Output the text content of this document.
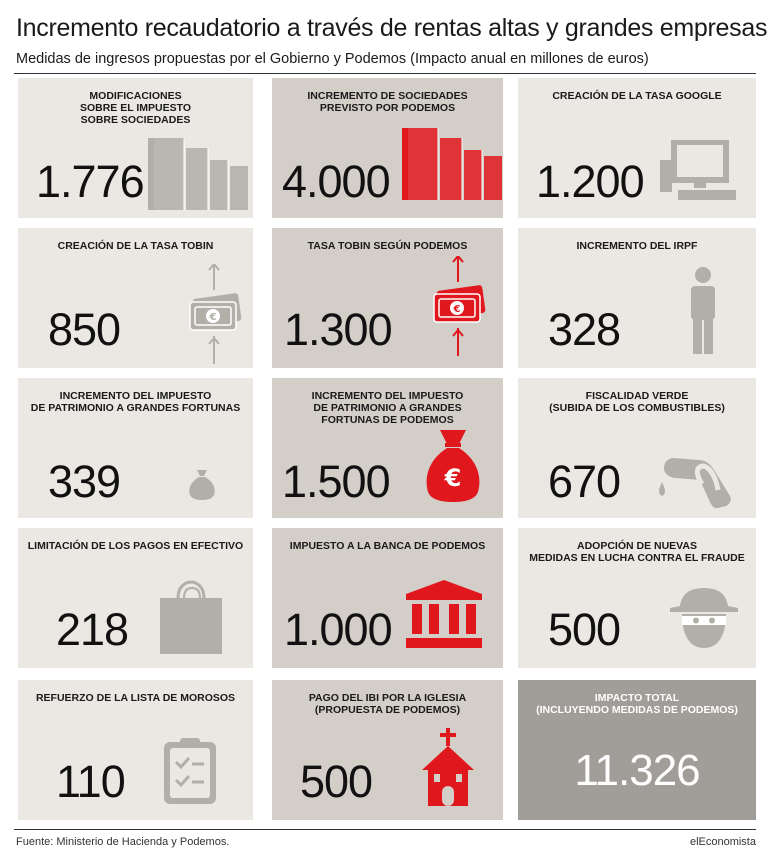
Incremento recaudatorio a través de rentas altas y grandes empresas
Medidas de ingresos propuestas por el Gobierno y Podemos (Impacto anual en millones de euros)
MODIFICACIONES
SOBRE EL IMPUESTO
SOBRE SOCIEDADES
1.776
INCREMENTO DE SOCIEDADES
PREVISTO POR PODEMOS
4.000
CREACIÓN DE LA TASA GOOGLE
1.200
CREACIÓN DE LA TASA TOBIN
850	€
TASA TOBIN SEGÚN PODEMOS
1.300	€
INCREMENTO DEL IRPF
328
INCREMENTO DEL IMPUESTO
DE PATRIMONIO A GRANDES FORTUNAS
339
INCREMENTO DEL IMPUESTO
DE PATRIMONIO A GRANDES
FORTUNAS DE PODEMOS
1.500 €
FISCALIDAD VERDE
(SUBIDA DE LOS COMBUSTIBLES)
670
LIMITACIÓN DE LOS PAGOS EN EFECTIVO
218
IMPUESTO A LA BANCA DE PODEMOS
1.000
ADOPCIÓN DE NUEVAS
MEDIDAS EN LUCHA CONTRA EL FRAUDE
500
REFUERZO DE LA LISTA DE MOROSOS
110
PAGO DEL IBI POR LA IGLESIA
(PROPUESTA DE PODEMOS)
500
IMPACTO TOTAL
(INCLUYENDO MEDIDAS DE PODEMOS)
11.326
Fuente: Ministerio de Hacienda y Podemos.	elEconomista
